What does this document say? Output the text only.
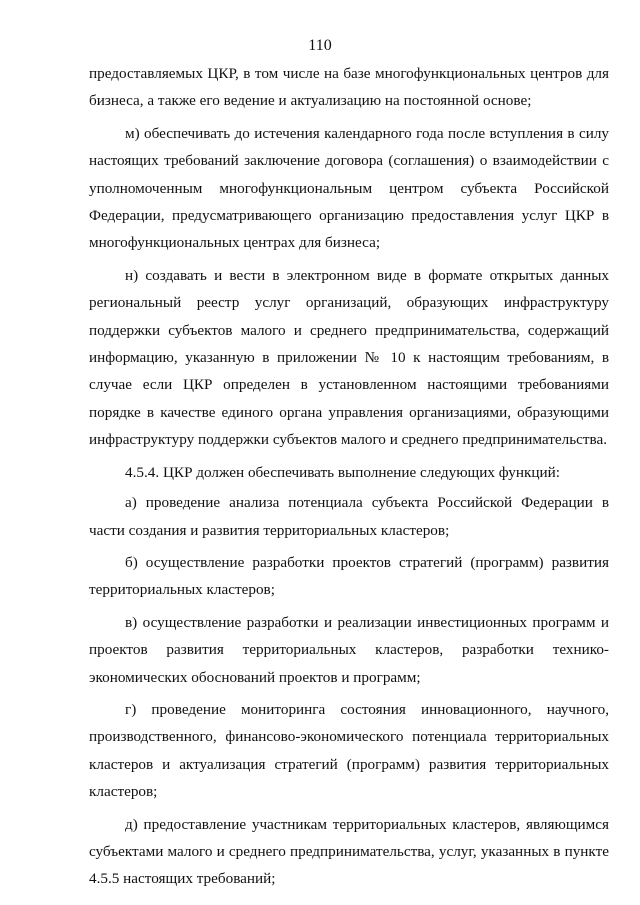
110

предоставляемых ЦКР, в том числе на базе многофункциональных центров для бизнеса, а также его ведение и актуализацию на постоянной основе;

м) обеспечивать до истечения календарного года после вступления в силу настоящих требований заключение договора (соглашения) о взаимодействии с уполномоченным многофункциональным центром субъекта Российской Федерации, предусматривающего организацию предоставления услуг ЦКР в многофункциональных центрах для бизнеса;

н) создавать и вести в электронном виде в формате открытых данных региональный реестр услуг организаций, образующих инфраструктуру поддержки субъектов малого и среднего предпринимательства, содержащий информацию, указанную в приложении № 10 к настоящим требованиям, в случае если ЦКР определен в установленном настоящими требованиями порядке в качестве единого органа управления организациями, образующими инфраструктуру поддержки субъектов малого и среднего предпринимательства.

4.5.4. ЦКР должен обеспечивать выполнение следующих функций:

а) проведение анализа потенциала субъекта Российской Федерации в части создания и развития территориальных кластеров;

б) осуществление разработки проектов стратегий (программ) развития территориальных кластеров;

в) осуществление разработки и реализации инвестиционных программ и проектов развития территориальных кластеров, разработки технико-экономических обоснований проектов и программ;

г) проведение мониторинга состояния инновационного, научного, производственного, финансово-экономического потенциала территориальных кластеров и актуализация стратегий (программ) развития территориальных кластеров;

д) предоставление участникам территориальных кластеров, являющимся субъектами малого и среднего предпринимательства, услуг, указанных в пункте 4.5.5 настоящих требований;
